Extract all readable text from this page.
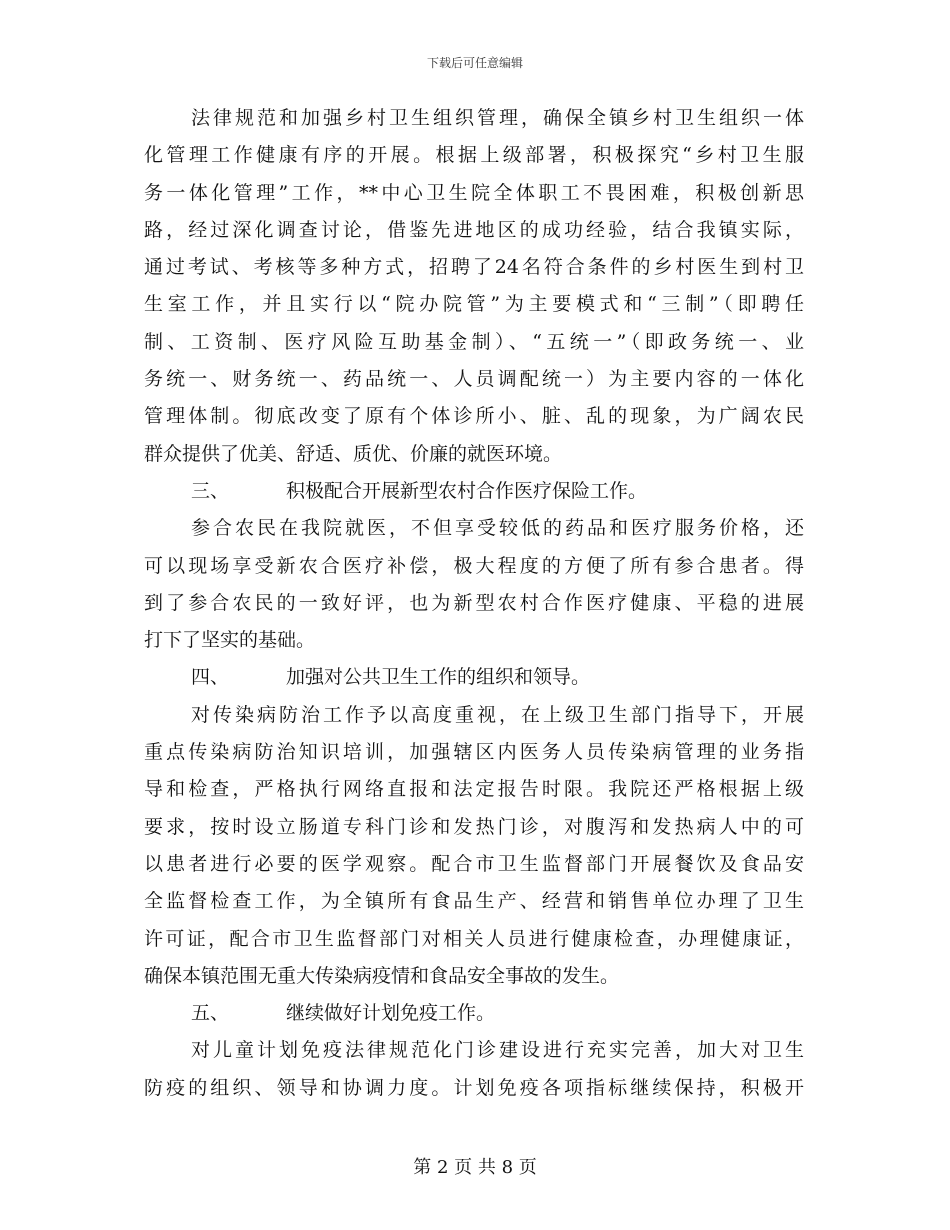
下载后可任意编辑
法律规范和加强乡村卫生组织管理，确保全镇乡村卫生组织一体
化管理工作健康有序的开展。根据上级部署，积极探究“乡村卫生服
务一体化管理”工作，**中心卫生院全体职工不畏困难，积极创新思
路，经过深化调查讨论，借鉴先进地区的成功经验，结合我镇实际，
通过考试、考核等多种方式，招聘了24名符合条件的乡村医生到村卫
生室工作，并且实行以“院办院管”为主要模式和“三制”（即聘任
制、工资制、医疗风险互助基金制）、“五统一”（即政务统一、业
务统一、财务统一、药品统一、人员调配统一）为主要内容的一体化
管理体制。彻底改变了原有个体诊所小、脏、乱的现象，为广阔农民
群众提供了优美、舒适、质优、价廉的就医环境。
三、	积极配合开展新型农村合作医疗保险工作。
参合农民在我院就医，不但享受较低的药品和医疗服务价格，还
可以现场享受新农合医疗补偿，极大程度的方便了所有参合患者。得
到了参合农民的一致好评，也为新型农村合作医疗健康、平稳的进展
打下了坚实的基础。
四、	加强对公共卫生工作的组织和领导。
对传染病防治工作予以高度重视，在上级卫生部门指导下，开展
重点传染病防治知识培训，加强辖区内医务人员传染病管理的业务指
导和检查，严格执行网络直报和法定报告时限。我院还严格根据上级
要求，按时设立肠道专科门诊和发热门诊，对腹泻和发热病人中的可
以患者进行必要的医学观察。配合市卫生监督部门开展餐饮及食品安
全监督检查工作，为全镇所有食品生产、经营和销售单位办理了卫生
许可证，配合市卫生监督部门对相关人员进行健康检查，办理健康证，
确保本镇范围无重大传染病疫情和食品安全事故的发生。
五、	继续做好计划免疫工作。
对儿童计划免疫法律规范化门诊建设进行充实完善，加大对卫生
防疫的组织、领导和协调力度。计划免疫各项指标继续保持，积极开
第 2 页 共 8 页
